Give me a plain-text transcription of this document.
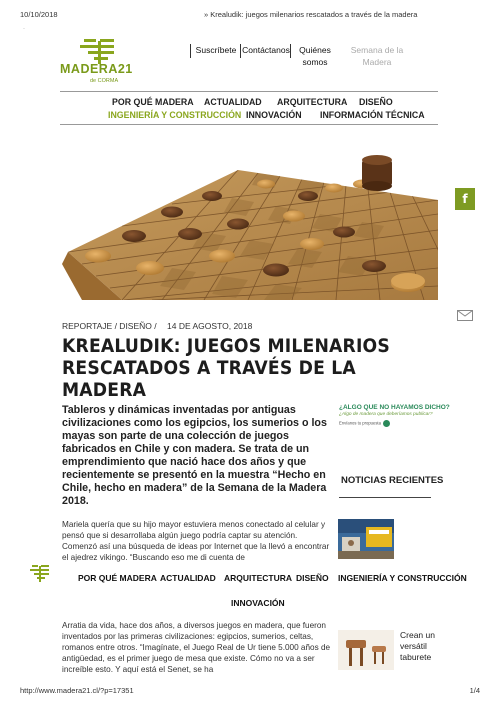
10/10/2018	» Krealudik: juegos milenarios rescatados a través de la madera
·
MADERA21
de CORMA
Suscríbete Contáctanos Quiénes somos
Semana de la Madera
POR QUÉ MADERA ACTUALIDAD ARQUITECTURA DISEÑO
INGENIERÍA Y CONSTRUCCIÓN INNOVACIÓN INFORMACIÓN TÉCNICA
f
REPORTAJE / DISEÑO / 14 DE AGOSTO, 2018
KREALUDIK: JUEGOS MILENARIOS RESCATADOS A TRAVÉS DE LA MADERA

Tableros y dinámicas inventadas por antiguas civilizaciones como los egipcios, los sumerios o los mayas son parte de una colección de juegos fabricados en Chile y con madera. Se trata de un emprendimiento que nació hace dos años y que recientemente se presentó en la muestra “Hecho en Chile, hecho en madera” de la Semana de la Madera 2018.

Mariela quería que su hijo mayor estuviera menos conectado al celular y pensó que si desarrollaba algún juego podría captar su atención. Comenzó así una búsqueda de ideas por Internet que la llevó a encontrar el ajedrez vikingo. “Buscando eso me di cuenta de

Arratia da vida, hace dos años, a diversos juegos en madera, que fueron inventados por las primeras civilizaciones: egipcios, sumerios, celtas, romanos entre otros. “Imagínate, el Juego Real de Ur tiene 5.000 años de antigüedad, es el primer juego de mesa que existe. Cómo no va a ser increíble esto. Y aquí está el Senet, se ha

¿ALGO QUE NO HAYAMOS DICHO?
¿Algo de madera que deberíamos publicar?
Envíanos tu propuesta
NOTICIAS RECIENTES
Crean un versátil taburete
POR QUÉ MADERA ACTUALIDAD ARQUITECTURA DISEÑO INGENIERÍA Y CONSTRUCCIÓN
INNOVACIÓN
http://www.madera21.cl/?p=17351	1/4
